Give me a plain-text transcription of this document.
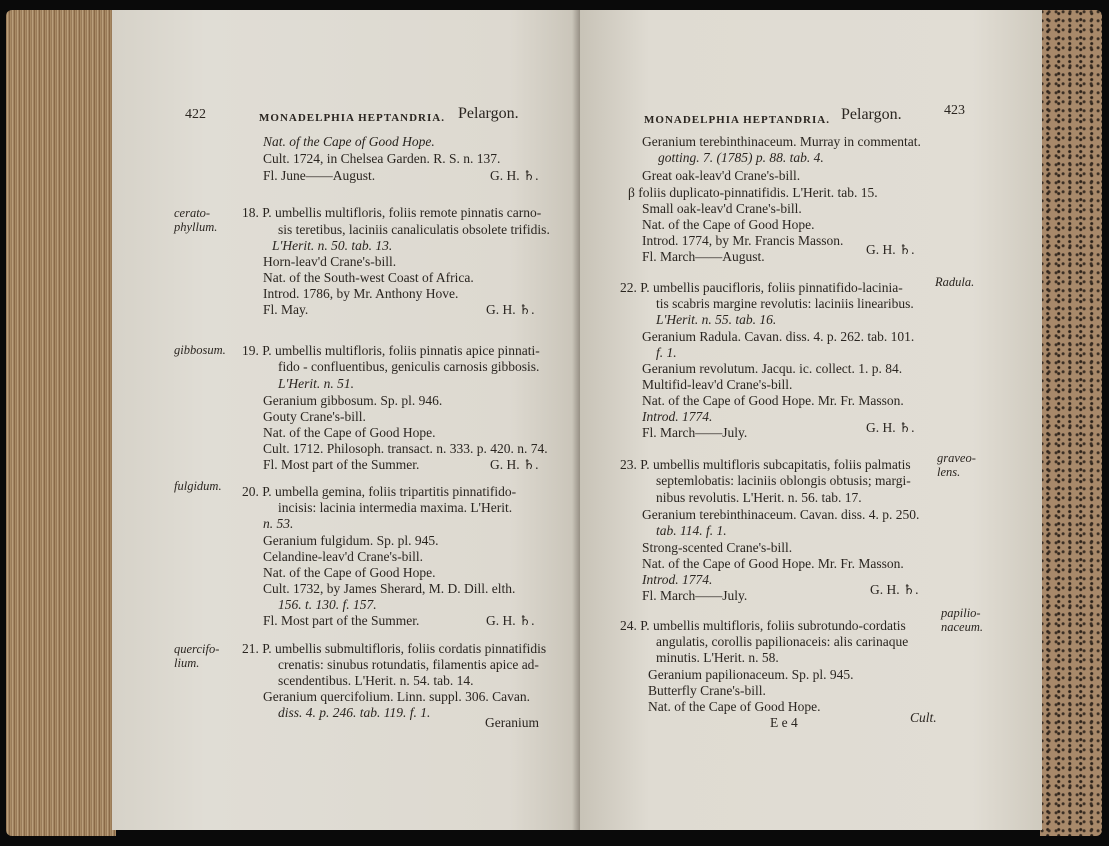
422	MONADELPHIA HEPTANDRIA. Pelargon.
cerato-
phyllum.
gibbosum.
fulgidum.
quercifo-
lium.
Nat. of the Cape of Good Hope.
Cult. 1724, in Chelsea Garden. R. S. n. 137.
Fl. June——August.	G. H. ♄.
18. P. umbellis multifloris, foliis remote pinnatis carno-
sis teretibus, laciniis canaliculatis obsolete trifidis.
L'Herit. n. 50. tab. 13.
Horn-leav'd Crane's-bill.
Nat. of the South-west Coast of Africa.
Introd. 1786, by Mr. Anthony Hove.
Fl. May.	G. H. ♄.
19. P. umbellis multifloris, foliis pinnatis apice pinnati-
fido - confluentibus, geniculis carnosis gibbosis.
L'Herit. n. 51.
Geranium gibbosum. Sp. pl. 946.
Gouty Crane's-bill.
Nat. of the Cape of Good Hope.
Cult. 1712. Philosoph. transact. n. 333. p. 420. n. 74.
Fl. Most part of the Summer.	G. H. ♄.
20. P. umbella gemina, foliis tripartitis pinnatifido-
incisis: lacinia intermedia maxima. L'Herit.
n. 53.
Geranium fulgidum. Sp. pl. 945.
Celandine-leav'd Crane's-bill.
Nat. of the Cape of Good Hope.
Cult. 1732, by James Sherard, M. D. Dill. elth.
156. t. 130. f. 157.
Fl. Most part of the Summer.	G. H. ♄.
21. P. umbellis submultifloris, foliis cordatis pinnatifidis
crenatis: sinubus rotundatis, filamentis apice ad-
scendentibus. L'Herit. n. 54. tab. 14.
Geranium quercifolium. Linn. suppl. 306. Cavan.
diss. 4. p. 246. tab. 119. f. 1.
Geranium
MONADELPHIA HEPTANDRIA. Pelargon.	423
Radula.
graveo-
lens.
papilio-
naceum.
Geranium terebinthinaceum. Murray in commentat.
gotting. 7. (1785) p. 88. tab. 4.
Great oak-leav'd Crane's-bill.
β foliis duplicato-pinnatifidis. L'Herit. tab. 15.
Small oak-leav'd Crane's-bill.
Nat. of the Cape of Good Hope.
Introd. 1774, by Mr. Francis Masson.
Fl. March——August.	G. H. ♄.
22. P. umbellis paucifloris, foliis pinnatifido-lacinia-
tis scabris margine revolutis: laciniis linearibus.
L'Herit. n. 55. tab. 16.
Geranium Radula. Cavan. diss. 4. p. 262. tab. 101.
f. 1.
Geranium revolutum. Jacqu. ic. collect. 1. p. 84.
Multifid-leav'd Crane's-bill.
Nat. of the Cape of Good Hope. Mr. Fr. Masson.
Introd. 1774.
Fl. March——July.	G. H. ♄.
23. P. umbellis multifloris subcapitatis, foliis palmatis
septemlobatis: laciniis oblongis obtusis; margi-
nibus revolutis. L'Herit. n. 56. tab. 17.
Geranium terebinthinaceum. Cavan. diss. 4. p. 250.
tab. 114. f. 1.
Strong-scented Crane's-bill.
Nat. of the Cape of Good Hope. Mr. Fr. Masson.
Introd. 1774.
Fl. March——July.	G. H. ♄.
24. P. umbellis multifloris, foliis subrotundo-cordatis
angulatis, corollis papilionaceis: alis carinaque
minutis. L'Herit. n. 58.
Geranium papilionaceum. Sp. pl. 945.
Butterfly Crane's-bill.
Nat. of the Cape of Good Hope.
E e 4	Cult.
